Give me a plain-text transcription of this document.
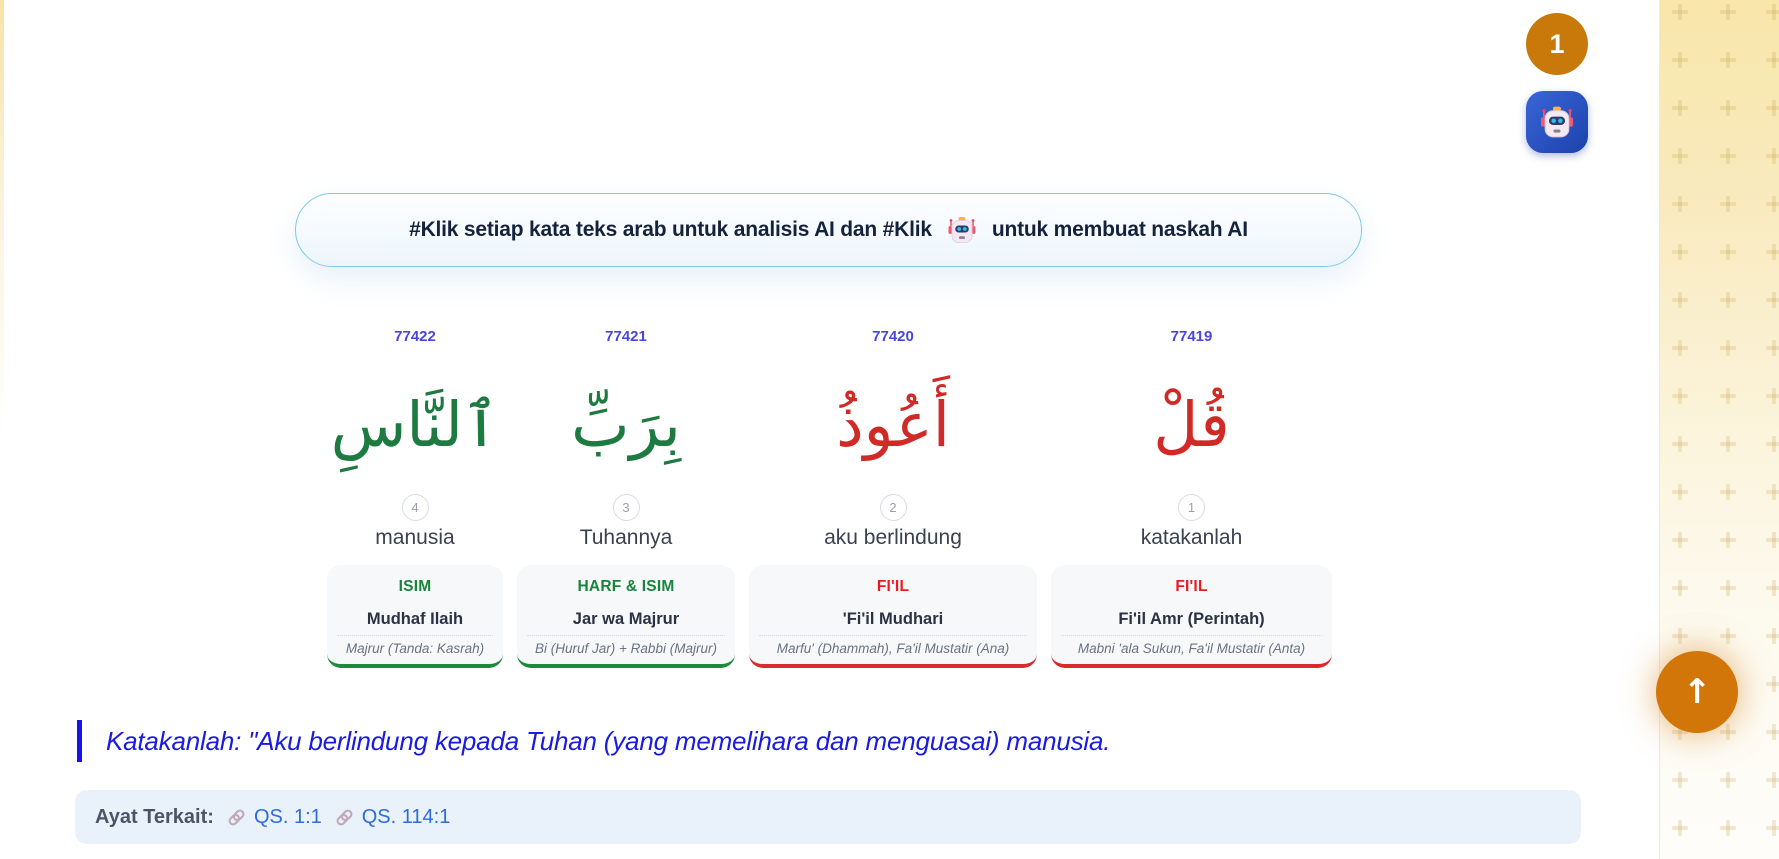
1
#Klik setiap kata teks arab untuk analisis AI dan #Klik	untuk membuat naskah AI
77422
ٱلنَّاسِ
4
manusia
ISIM
Mudhaf Ilaih
Majrur (Tanda: Kasrah)
77421
بِرَبِّ
3
Tuhannya
HARF & ISIM
Jar wa Majrur
Bi (Huruf Jar) + Rabbi (Majrur)
77420
أَعُوذُ
2
aku berlindung
FI'IL
'Fi'il Mudhari
Marfu' (Dhammah), Fa'il Mustatir (Ana)
77419
قُلْ
1
katakanlah
FI'IL
Fi'il Amr (Perintah)
Mabni 'ala Sukun, Fa'il Mustatir (Anta)
Katakanlah: "Aku berlindung kepada Tuhan (yang memelihara dan menguasai) manusia.
Ayat Terkait: QS. 1:1 QS. 114:1
↑
